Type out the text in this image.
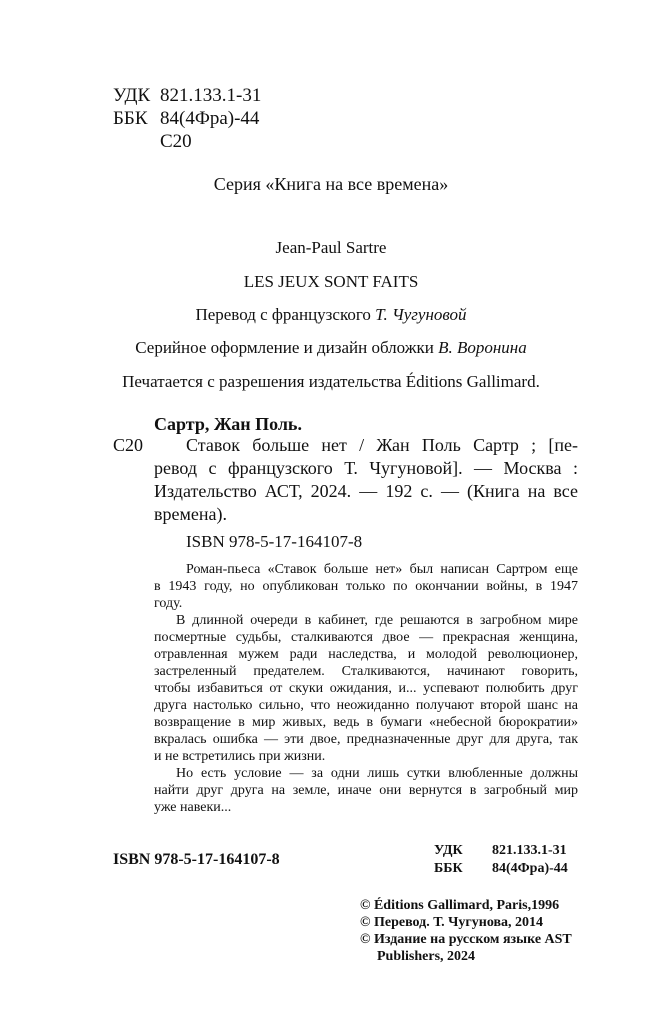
УДК 821.133.1-31
ББК 84(4Фра)-44
С20
Серия «Книга на все времена»
Jean-Paul Sartre
LES JEUX SONT FAITS
Перевод с французского Т. Чугуновой
Серийное оформление и дизайн обложки В. Воронина
Печатается с разрешения издательства Éditions Gallimard.
Сартр, Жан Поль.
С20 Ставок больше нет / Жан Поль Сартр ; [пе-
ревод с французского Т. Чугуновой]. — Москва :
Издательство АСТ, 2024. — 192 с. — (Книга на все
времена).
ISBN 978-5-17-164107-8
Роман-пьеса «Ставок больше нет» был написан Сартром еще
в 1943 году, но опубликован только по окончании войны, в 1947
году.
В длинной очереди в кабинет, где решаются в загробном мире
посмертные судьбы, сталкиваются двое — прекрасная женщина,
отравленная мужем ради наследства, и молодой революционер,
застреленный предателем. Сталкиваются, начинают говорить,
чтобы избавиться от скуки ожидания, и... успевают полюбить друг
друга настолько сильно, что неожиданно получают второй шанс на
возвращение в мир живых, ведь в бумаги «небесной бюрократии»
вкралась ошибка — эти двое, предназначенные друг для друга, так
и не встретились при жизни.
Но есть условие — за одни лишь сутки влюбленные должны
найти друг друга на земле, иначе они вернутся в загробный мир
уже навеки...
ISBN 978-5-17-164107-8
УДК 821.133.1-31
ББК 84(4Фра)-44
© Éditions Gallimard, Paris,1996
© Перевод. Т. Чугунова, 2014
© Издание на русском языке AST
Publishers, 2024
